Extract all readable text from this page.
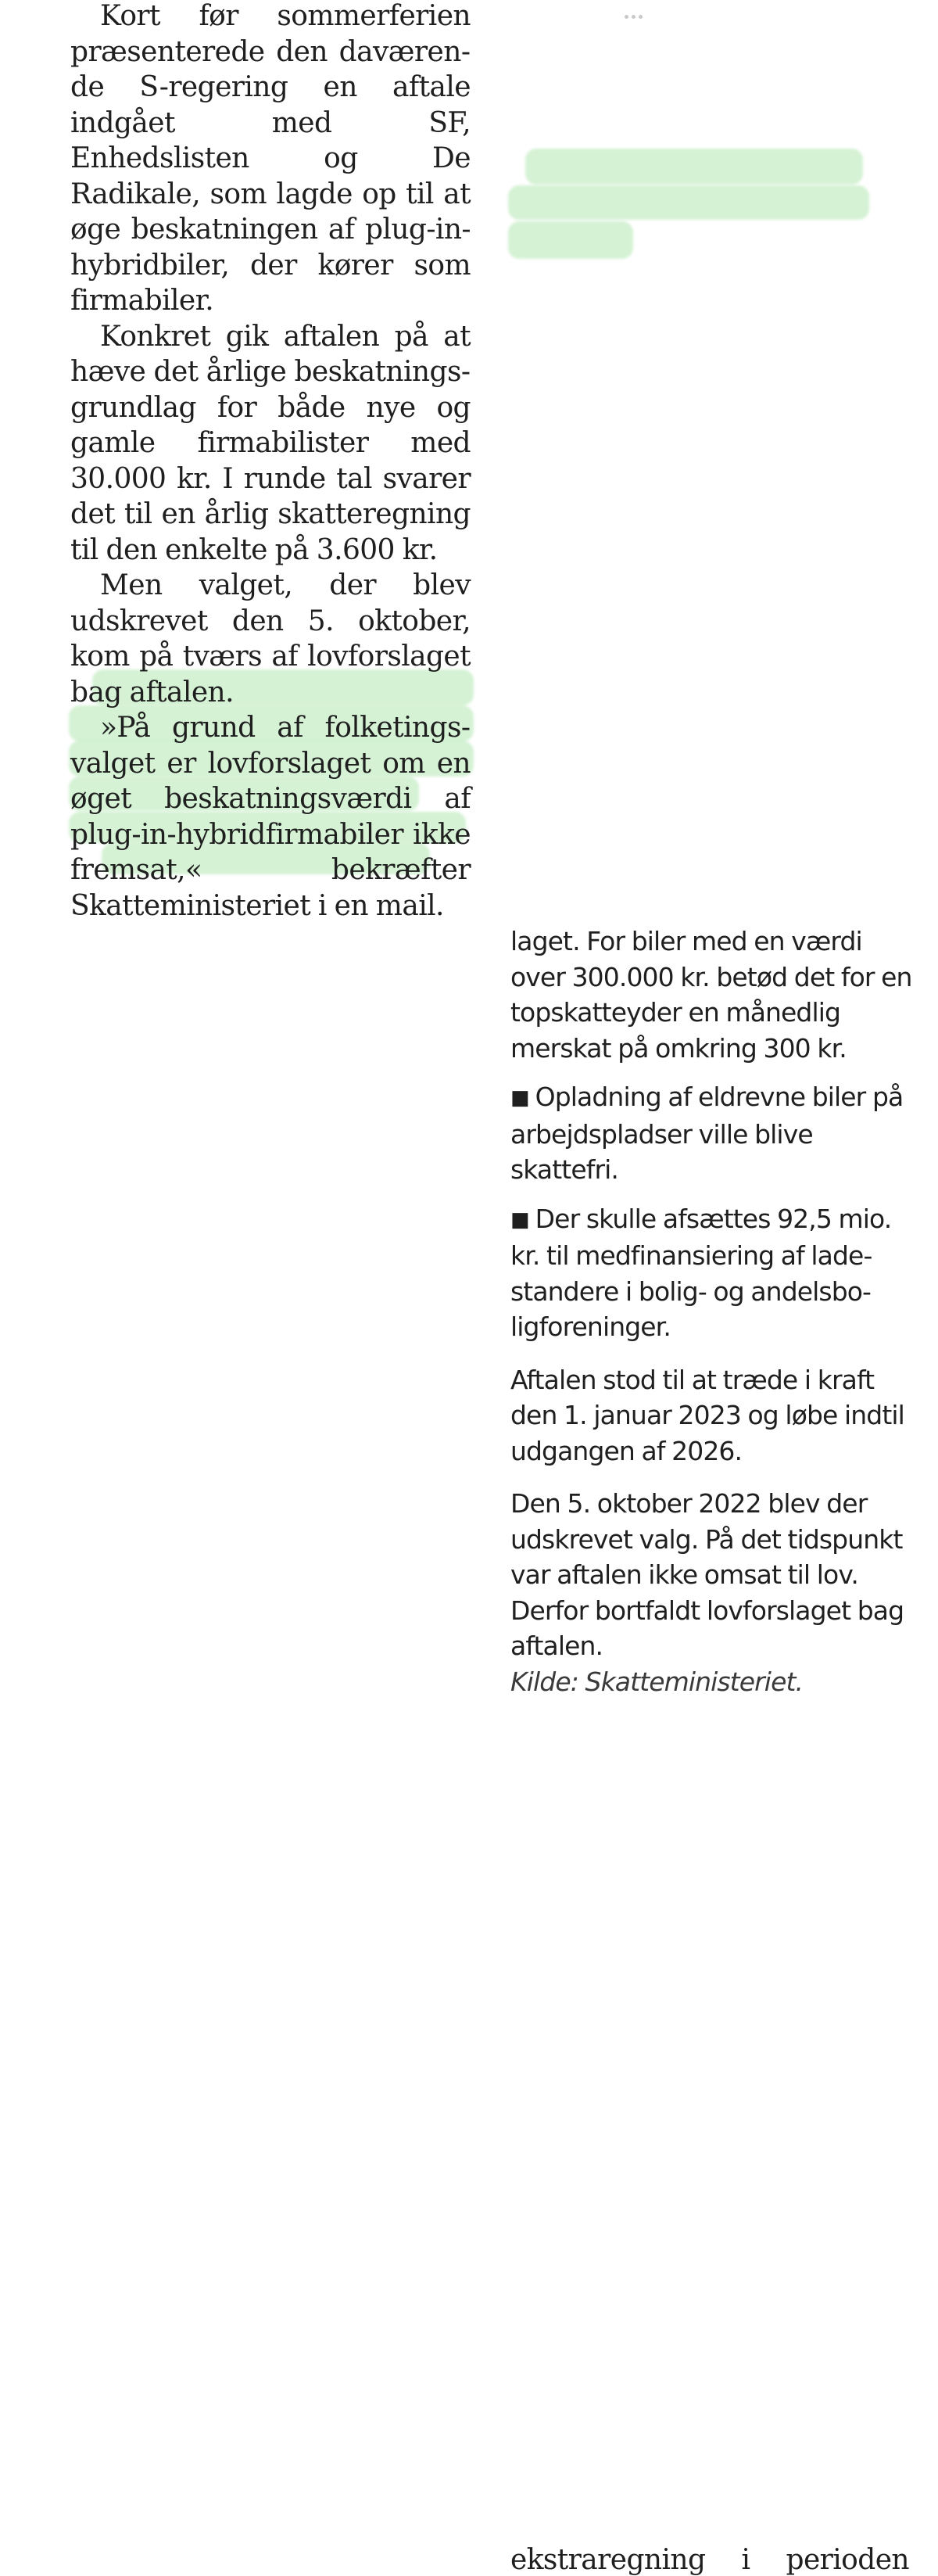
Kort før sommerferien præsenterede den daværende S-regering en aftale indgået med SF, Enhedslisten og De Radikale, som lagde op til at øge beskatningen af plug-in-hybridbiler, der kører som firmabiler.

Konkret gik aftalen på at hæve det årlige beskatningsgrundlag for både nye og gamle firmabilister med 30.000 kr. I runde tal svarer det til en årlig skatteregning til den enkelte på 3.600 kr.

Men valget, der blev udskrevet den 5. oktober, kom på tværs af lovforslaget bag aftalen.

»På grund af folketingsvalget er lovforslaget om en øget beskatningsværdi af plug-in-hybridfirmabiler ikke fremsat,« bekræfter Skatteministeriet i en mail.

laget. For biler med en værdi over 300.000 kr. betød det for en topskatteyder en månedlig merskat på omkring 300 kr.

■ Opladning af eldrevne biler på arbejdspladser ville blive skattefri.

■ Der skulle afsættes 92,5 mio. kr. til medfinansiering af ladestandere i bolig- og andelsboligforeninger.

Aftalen stod til at træde i kraft den 1. januar 2023 og løbe indtil udgangen af 2026.

Den 5. oktober 2022 blev der udskrevet valg. På det tidspunkt var aftalen ikke omsat til lov. Derfor bortfaldt lovforslaget bag aftalen.

Kilde: Skatteministeriet.

ekstraregning i perioden
